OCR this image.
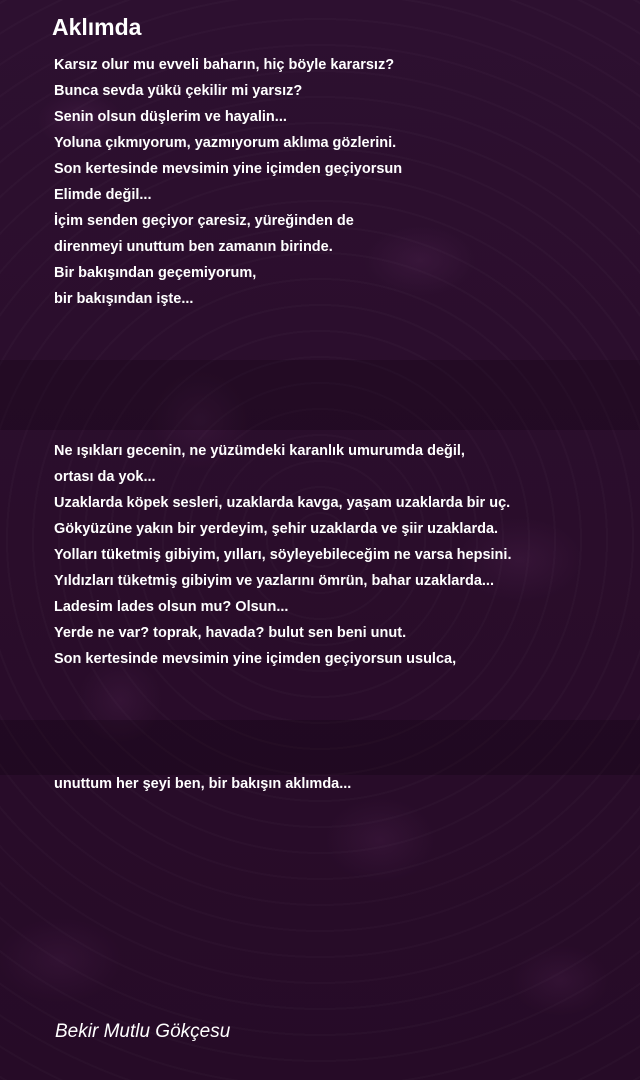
Aklımda
Karsız olur mu evveli baharın, hiç böyle kararsız?
Bunca sevda yükü çekilir mi yarsız?
Senin olsun düşlerim ve hayalin...
Yoluna çıkmıyorum, yazmıyorum aklıma gözlerini.
Son kertesinde mevsimin yine içimden geçiyorsun
Elimde değil...
İçim senden geçiyor çaresiz, yüreğinden de
direnmeyi unuttum ben zamanın birinde.
Bir bakışından geçemiyorum,
bir bakışından işte...
Ne ışıkları gecenin, ne yüzümdeki karanlık umurumda değil,
ortası da yok...
Uzaklarda köpek sesleri, uzaklarda kavga, yaşam uzaklarda bir uç.
Gökyüzüne yakın bir yerdeyim, şehir uzaklarda ve şiir uzaklarda.
Yolları tüketmiş gibiyim, yılları, söyleyebileceğim ne varsa hepsini.
Yıldızları tüketmiş gibiyim ve yazlarını ömrün, bahar uzaklarda...
Ladesim lades olsun mu? Olsun...
Yerde ne var? toprak, havada? bulut sen beni unut.
Son kertesinde mevsimin yine içimden geçiyorsun usulca,
unuttum her şeyi ben, bir bakışın aklımda...
Bekir Mutlu Gökçesu
